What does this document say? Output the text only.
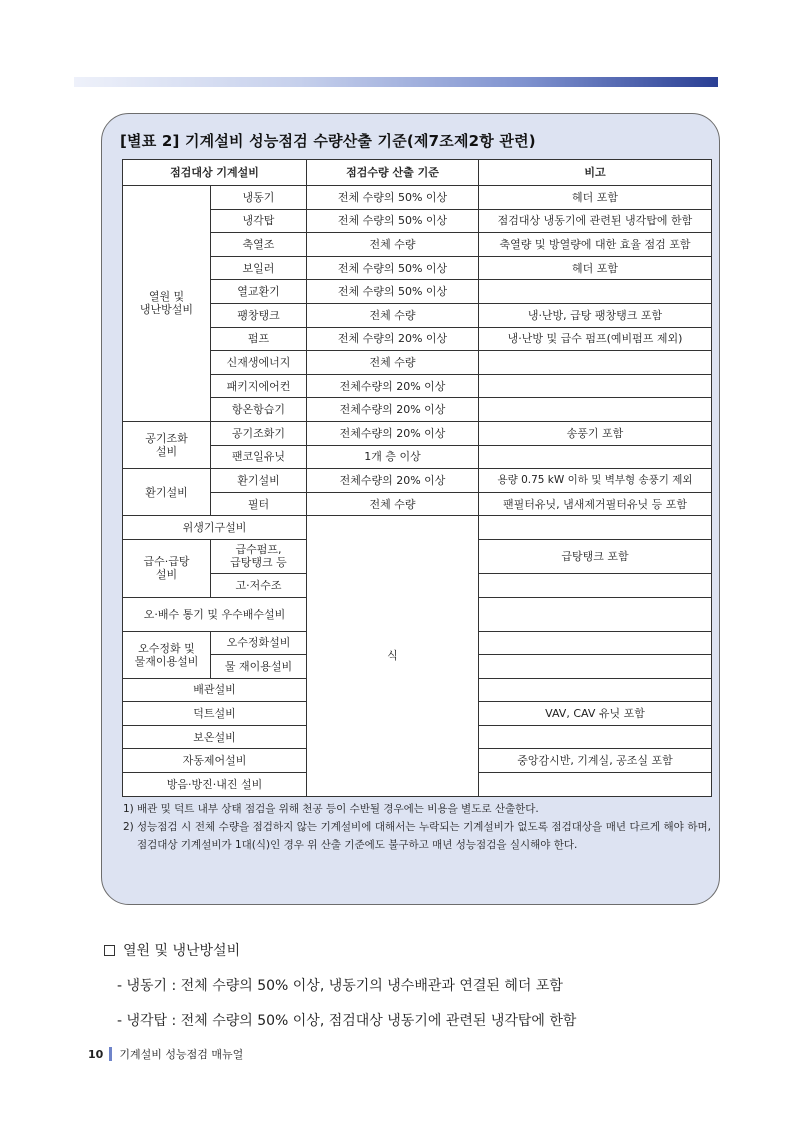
[별표 2] 기계설비 성능점검 수량산출 기준(제7조제2항 관련)
점검대상 기계설비		점검수량 산출 기준	비고
열원 및
냉난방설비	냉동기	전체 수량의 50% 이상	헤더 포함
	냉각탑	전체 수량의 50% 이상	점검대상 냉동기에 관련된 냉각탑에 한함
	축열조	전체 수량	축열량 및 방열량에 대한 효율 점검 포함
	보일러	전체 수량의 50% 이상	헤더 포함
	열교환기	전체 수량의 50% 이상	
	팽창탱크	전체 수량	냉·난방, 급탕 팽창탱크 포함
	펌프	전체 수량의 20% 이상	냉·난방 및 급수 펌프(예비펌프 제외)
	신재생에너지	전체 수량	
	패키지에어컨	전체수량의 20% 이상	
	항온항습기	전체수량의 20% 이상	
공기조화
설비	공기조화기	전체수량의 20% 이상	송풍기 포함
	팬코일유닛	1개 층 이상	
환기설비	환기설비	전체수량의 20% 이상	용량 0.75 kW 이하 및 벽부형 송풍기 제외
	필터	전체 수량	팬필터유닛, 냄새제거필터유닛 등 포함
위생기구설비		식	
급수·급탕
설비	급수펌프,
급탕탱크 등		급탕탱크 포함
	고·저수조		
오·배수 통기 및 우수배수설비			
오수정화 및
물재이용설비	오수정화설비		
	물 재이용설비		
배관설비			
덕트설비			VAV, CAV 유닛 포함
보온설비			
자동제어설비			중앙감시반, 기계실, 공조실 포함
방음·방진·내진 설비			
1) 배관 및 덕트 내부 상태 점검을 위해 천공 등이 수반될 경우에는 비용을 별도로 산출한다.
2) 성능점검 시 전체 수량을 점검하지 않는 기계설비에 대해서는 누락되는 기계설비가 없도록 점검대상을 매년 다르게 해야 하며, 점검대상 기계설비가 1대(식)인 경우 위 산출 기준에도 불구하고 매년 성능점검을 실시해야 한다.
열원 및 냉난방설비
- 냉동기 : 전체 수량의 50% 이상, 냉동기의 냉수배관과 연결된 헤더 포함
- 냉각탑 : 전체 수량의 50% 이상, 점검대상 냉동기에 관련된 냉각탑에 한함
10 기계설비 성능점검 매뉴얼
